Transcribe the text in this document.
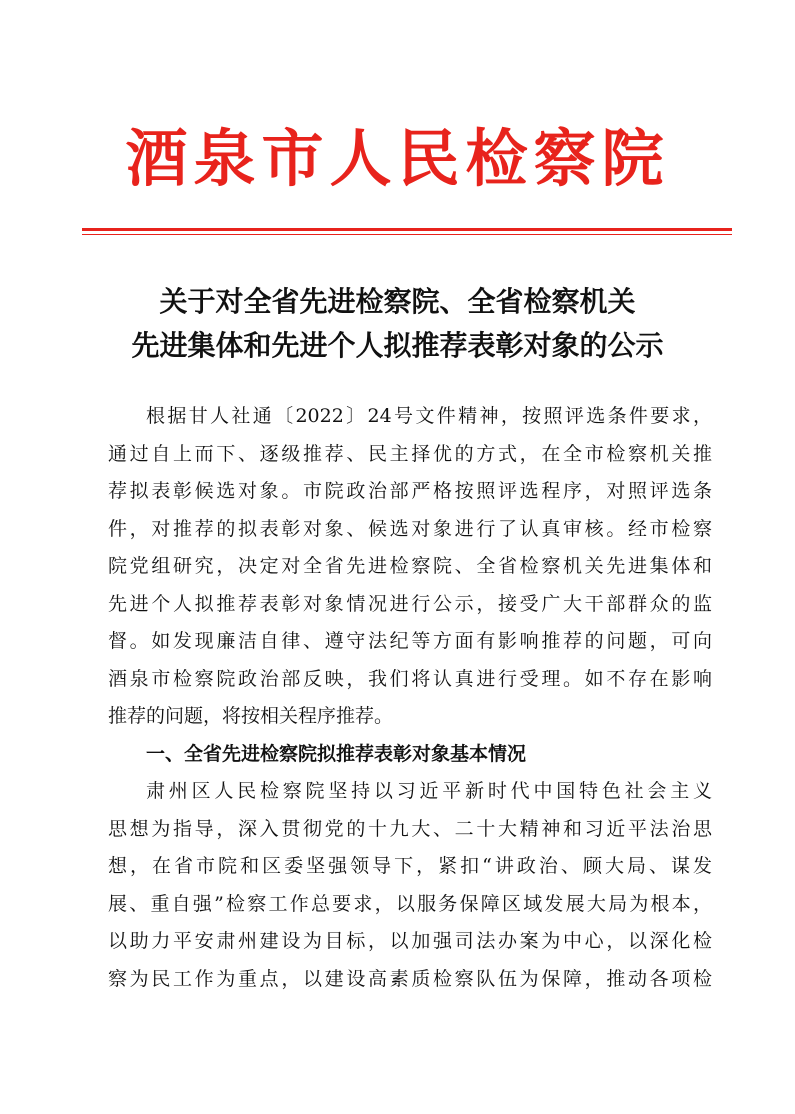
酒泉市人民检察院
关于对全省先进检察院、全省检察机关
先进集体和先进个人拟推荐表彰对象的公示
根据甘人社通〔2022〕24号文件精神，按照评选条件要求，
通过自上而下、逐级推荐、民主择优的方式，在全市检察机关推
荐拟表彰候选对象。市院政治部严格按照评选程序，对照评选条
件，对推荐的拟表彰对象、候选对象进行了认真审核。经市检察
院党组研究，决定对全省先进检察院、全省检察机关先进集体和
先进个人拟推荐表彰对象情况进行公示，接受广大干部群众的监
督。如发现廉洁自律、遵守法纪等方面有影响推荐的问题，可向
酒泉市检察院政治部反映，我们将认真进行受理。如不存在影响
推荐的问题，将按相关程序推荐。
一、全省先进检察院拟推荐表彰对象基本情况
肃州区人民检察院坚持以习近平新时代中国特色社会主义
思想为指导，深入贯彻党的十九大、二十大精神和习近平法治思
想，在省市院和区委坚强领导下，紧扣“讲政治、顾大局、谋发
展、重自强”检察工作总要求，以服务保障区域发展大局为根本，
以助力平安肃州建设为目标，以加强司法办案为中心，以深化检
察为民工作为重点，以建设高素质检察队伍为保障，推动各项检
